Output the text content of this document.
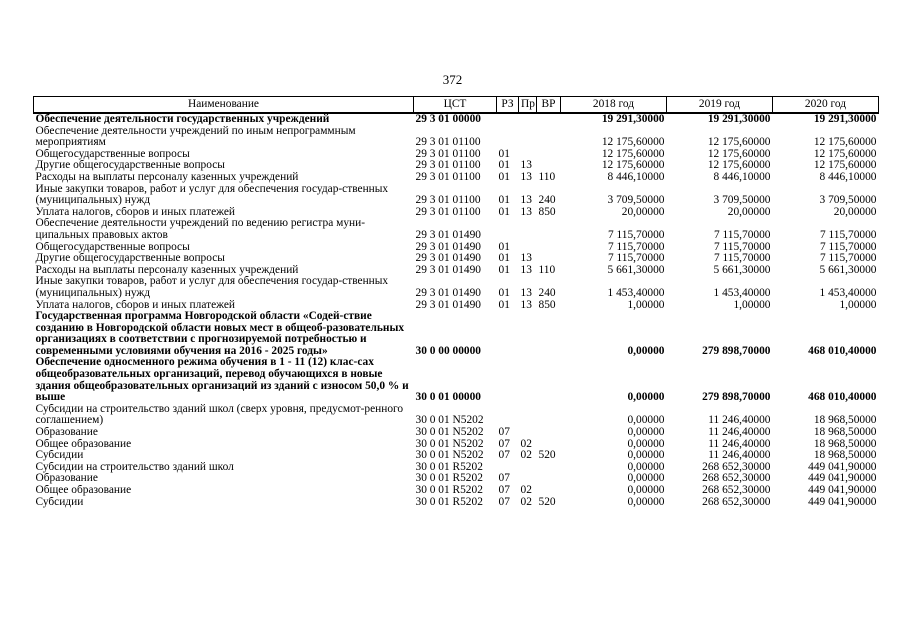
372
Наименование	ЦСТ	РЗ	Пр	ВР	2018 год	2019 год	2020 год
Обеспечение деятельности государственных учреждений	29 3 01 00000				19 291,30000	19 291,30000	19 291,30000
Обеспечение деятельности учреждений по иным непрограммным мероприятиям	29 3 01 01100				12 175,60000	12 175,60000	12 175,60000
Общегосударственные вопросы	29 3 01 01100	01			12 175,60000	12 175,60000	12 175,60000
Другие общегосударственные вопросы	29 3 01 01100	01	13		12 175,60000	12 175,60000	12 175,60000
Расходы на выплаты персоналу казенных учреждений	29 3 01 01100	01	13	110	8 446,10000	8 446,10000	8 446,10000
Иные закупки товаров, работ и услуг для обеспечения государ-ственных (муниципальных) нужд	29 3 01 01100	01	13	240	3 709,50000	3 709,50000	3 709,50000
Уплата налогов, сборов и иных платежей	29 3 01 01100	01	13	850	20,00000	20,00000	20,00000
Обеспечение деятельности учреждений по ведению регистра муни-ципальных правовых актов	29 3 01 01490				7 115,70000	7 115,70000	7 115,70000
Общегосударственные вопросы	29 3 01 01490	01			7 115,70000	7 115,70000	7 115,70000
Другие общегосударственные вопросы	29 3 01 01490	01	13		7 115,70000	7 115,70000	7 115,70000
Расходы на выплаты персоналу казенных учреждений	29 3 01 01490	01	13	110	5 661,30000	5 661,30000	5 661,30000
Иные закупки товаров, работ и услуг для обеспечения государ-ственных (муниципальных) нужд	29 3 01 01490	01	13	240	1 453,40000	1 453,40000	1 453,40000
Уплата налогов, сборов и иных платежей	29 3 01 01490	01	13	850	1,00000	1,00000	1,00000
Государственная программа Новгородской области «Содей-ствие созданию в Новгородской области новых мест в общеоб-разовательных организациях в соответствии с прогнозируемой потребностью и современными условиями обучения на 2016 - 2025 годы»	30 0 00 00000				0,00000	279 898,70000	468 010,40000
Обеспечение односменного режима обучения в 1 - 11 (12) клас-сах общеобразовательных организаций, перевод обучающихся в новые здания общеобразовательных организаций из зданий с износом 50,0 % и выше	30 0 01 00000				0,00000	279 898,70000	468 010,40000
Субсидии на строительство зданий школ (сверх уровня, предусмот-ренного соглашением)	30 0 01 N5202				0,00000	11 246,40000	18 968,50000
Образование	30 0 01 N5202	07			0,00000	11 246,40000	18 968,50000
Общее образование	30 0 01 N5202	07	02		0,00000	11 246,40000	18 968,50000
Субсидии	30 0 01 N5202	07	02	520	0,00000	11 246,40000	18 968,50000
Субсидии на строительство зданий школ	30 0 01 R5202				0,00000	268 652,30000	449 041,90000
Образование	30 0 01 R5202	07			0,00000	268 652,30000	449 041,90000
Общее образование	30 0 01 R5202	07	02		0,00000	268 652,30000	449 041,90000
Субсидии	30 0 01 R5202	07	02	520	0,00000	268 652,30000	449 041,90000
